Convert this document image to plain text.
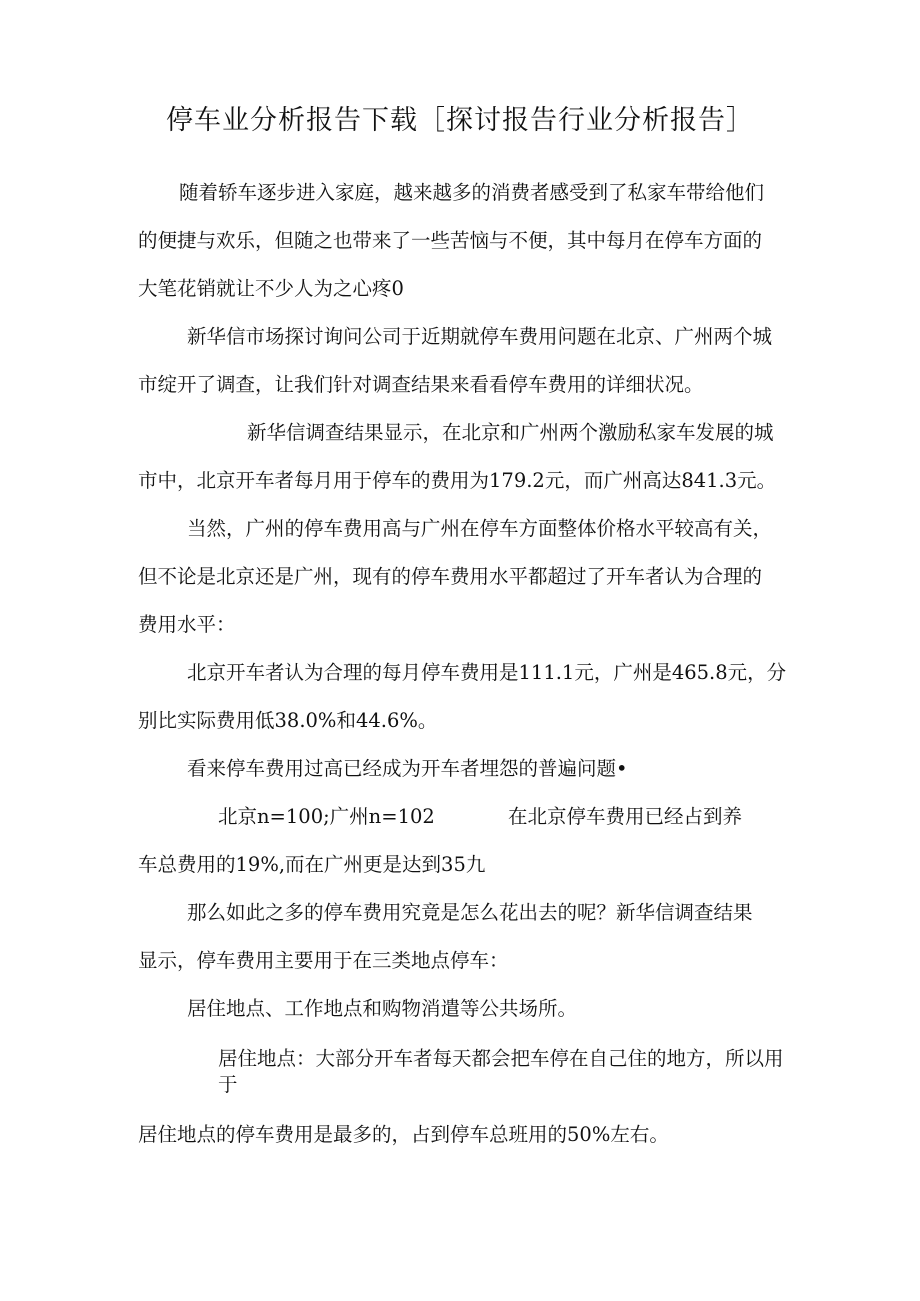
停车业分析报告下载［探讨报告行业分析报告］
随着轿车逐步进入家庭，越来越多的消费者感受到了私家车带给他们
的便捷与欢乐，但随之也带来了一些苦恼与不便，其中每月在停车方面的
大笔花销就让不少人为之心疼0
新华信市场探讨询问公司于近期就停车费用问题在北京、广州两个城
市绽开了调查，让我们针对调查结果来看看停车费用的详细状况。
新华信调查结果显示，在北京和广州两个激励私家车发展的城
市中，北京开车者每月用于停车的费用为179.2元，而广州高达841.3元。
当然，广州的停车费用高与广州在停车方面整体价格水平较高有关，
但不论是北京还是广州，现有的停车费用水平都超过了开车者认为合理的
费用水平：
北京开车者认为合理的每月停车费用是111.1元，广州是465.8元，分
别比实际费用低38.0%和44.6%。
看来停车费用过高已经成为开车者埋怨的普遍问题•
北京n=100;广州n=102	在北京停车费用已经占到养
车总费用的19%,而在广州更是达到35九
那么如此之多的停车费用究竟是怎么花出去的呢？新华信调查结果
显示，停车费用主要用于在三类地点停车：
居住地点、工作地点和购物消遣等公共场所。
居住地点：大部分开车者每天都会把车停在自己住的地方，所以用
于
居住地点的停车费用是最多的，占到停车总班用的50%左右。
